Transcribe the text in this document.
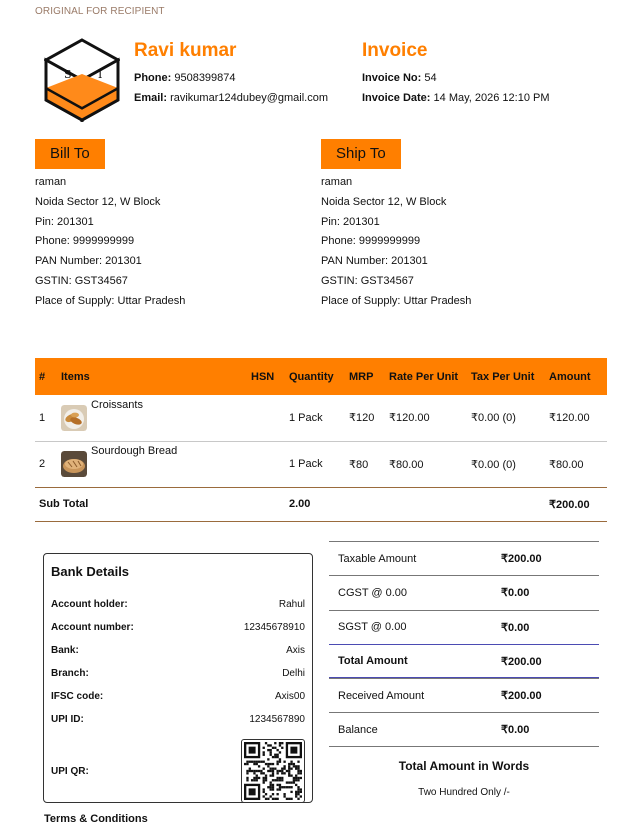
ORIGINAL FOR RECIPIENT
S I
Ravi kumar
Phone: 9508399874
Email: ravikumar124dubey@gmail.com
Invoice
Invoice No: 54
Invoice Date: 14 May, 2026 12:10 PM
Bill To
raman
Noida Sector 12, W Block
Pin: 201301
Phone: 9999999999
PAN Number: 201301
GSTIN: GST34567
Place of Supply: Uttar Pradesh
Ship To
raman
Noida Sector 12, W Block
Pin: 201301
Phone: 9999999999
PAN Number: 201301
GSTIN: GST34567
Place of Supply: Uttar Pradesh
#	Items	HSN	Quantity	MRP	Rate Per Unit	Tax Per Unit	Amount
1	Croissants		1 Pack	₹120	₹120.00	₹0.00 (0)	₹120.00
2	Sourdough Bread		1 Pack	₹80	₹80.00	₹0.00 (0)	₹80.00
Sub Total			2.00				₹200.00
Bank Details
Account holder:	Rahul
Account number:	12345678910
Bank:	Axis
Branch:	Delhi
IFSC code:	Axis00
UPI ID:	1234567890
UPI QR:
Taxable Amount	₹200.00
CGST @ 0.00	₹0.00
SGST @ 0.00	₹0.00
Total Amount	₹200.00
Received Amount	₹200.00
Balance	₹0.00
Total Amount in Words
Two Hundred Only /-
Terms & Conditions
